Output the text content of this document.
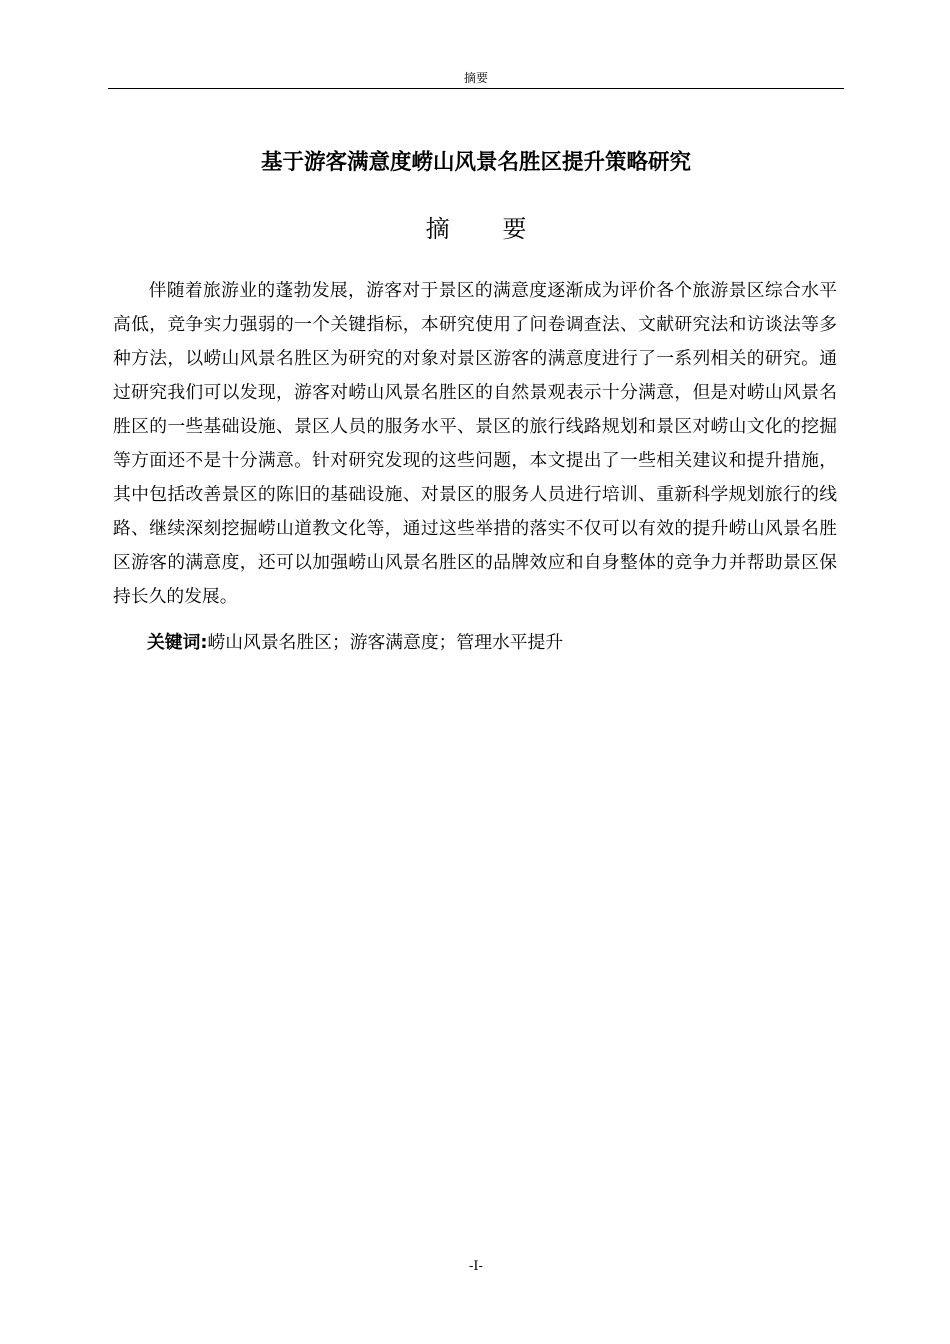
摘要
基于游客满意度崂山风景名胜区提升策略研究
摘要

伴随着旅游业的蓬勃发展，游客对于景区的满意度逐渐成为评价各个旅游景区综合水平高低，竞争实力强弱的一个关键指标，本研究使用了问卷调查法、文献研究法和访谈法等多种方法，以崂山风景名胜区为研究的对象对景区游客的满意度进行了一系列相关的研究。通过研究我们可以发现，游客对崂山风景名胜区的自然景观表示十分满意，但是对崂山风景名胜区的一些基础设施、景区人员的服务水平、景区的旅行线路规划和景区对崂山文化的挖掘等方面还不是十分满意。针对研究发现的这些问题，本文提出了一些相关建议和提升措施，其中包括改善景区的陈旧的基础设施、对景区的服务人员进行培训、重新科学规划旅行的线路、继续深刻挖掘崂山道教文化等，通过这些举措的落实不仅可以有效的提升崂山风景名胜区游客的满意度，还可以加强崂山风景名胜区的品牌效应和自身整体的竞争力并帮助景区保持长久的发展。

关键词:崂山风景名胜区；游客满意度；管理水平提升
-I-
